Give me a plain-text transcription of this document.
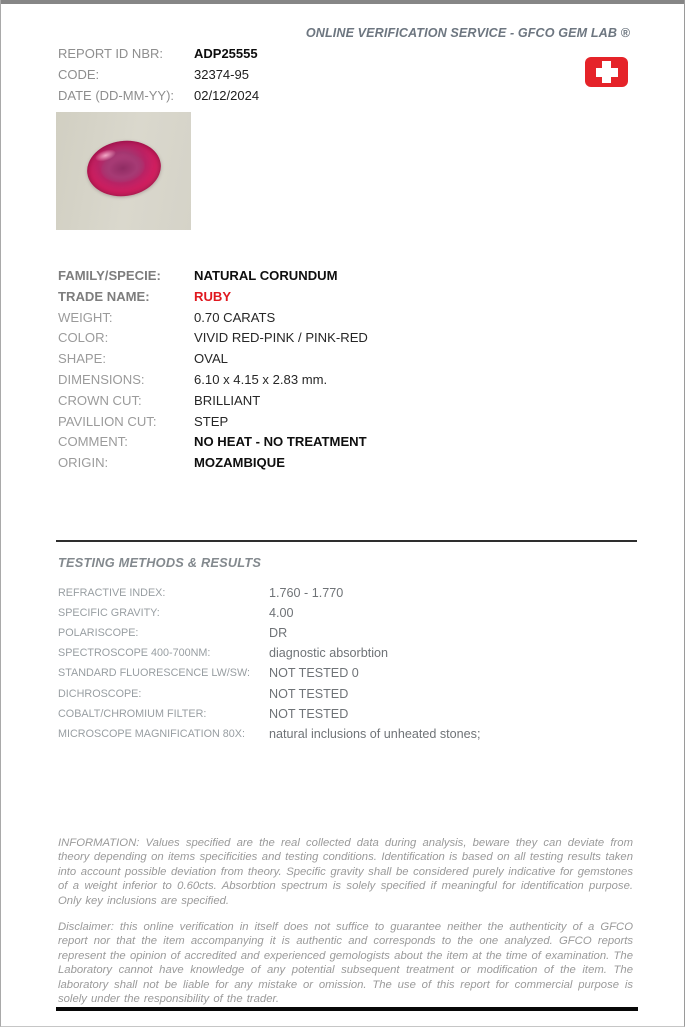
ONLINE VERIFICATION SERVICE - GFCO GEM LAB ®
REPORT ID NBR:	ADP25555
CODE:	32374-95
DATE (DD-MM-YY):	02/12/2024
FAMILY/SPECIE:	NATURAL CORUNDUM
TRADE NAME:	RUBY
WEIGHT:	0.70 CARATS
COLOR:	VIVID RED-PINK / PINK-RED
SHAPE:	OVAL
DIMENSIONS:	6.10 x 4.15 x 2.83 mm.
CROWN CUT:	BRILLIANT
PAVILLION CUT:	STEP
COMMENT:	NO HEAT - NO TREATMENT
ORIGIN:	MOZAMBIQUE
TESTING METHODS & RESULTS
REFRACTIVE INDEX:	1.760 - 1.770
SPECIFIC GRAVITY:	4.00
POLARISCOPE:	DR
SPECTROSCOPE 400-700NM:	diagnostic absorbtion
STANDARD FLUORESCENCE LW/SW:	NOT TESTED 0
DICHROSCOPE:	NOT TESTED
COBALT/CHROMIUM FILTER:	NOT TESTED
MICROSCOPE MAGNIFICATION 80X:	natural inclusions of unheated stones;

INFORMATION: Values specified are the real collected data during analysis, beware they can deviate from theory depending on items specificities and testing conditions. Identification is based on all testing results taken into account possible deviation from theory. Specific gravity shall be considered purely indicative for gemstones of a weight inferior to 0.60cts. Absorbtion spectrum is solely specified if meaningful for identification purpose. Only key inclusions are specified.

Disclaimer: this online verification in itself does not suffice to guarantee neither the authenticity of a GFCO report nor that the item accompanying it is authentic and corresponds to the one analyzed. GFCO reports represent the opinion of accredited and experienced gemologists about the item at the time of examination. The Laboratory cannot have knowledge of any potential subsequent treatment or modification of the item. The laboratory shall not be liable for any mistake or omission. The use of this report for commercial purpose is solely under the responsibility of the trader.
